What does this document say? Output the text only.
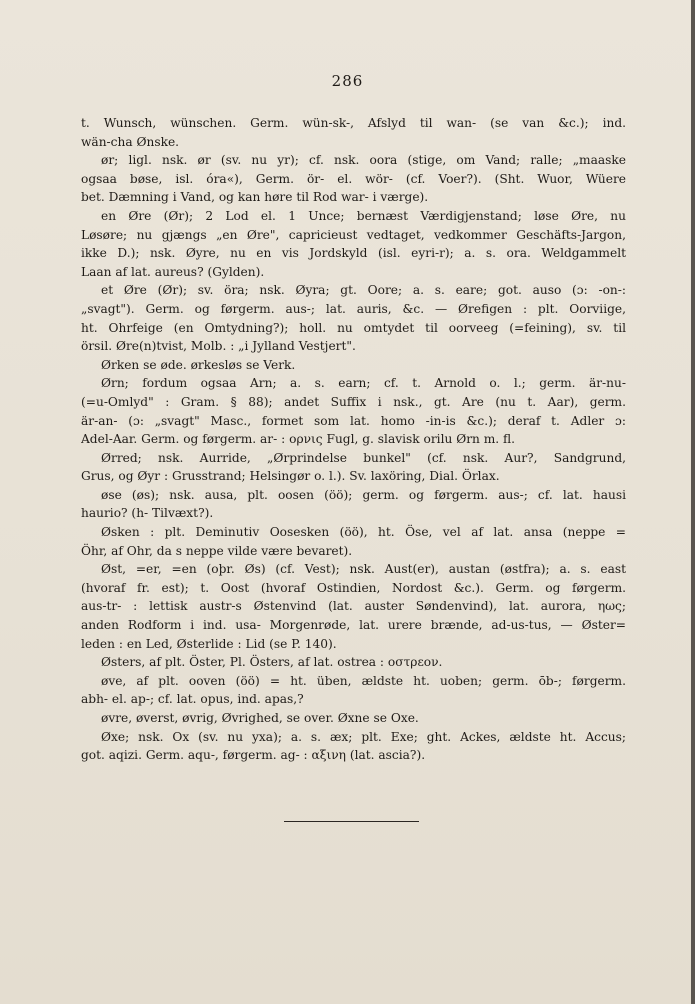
286
t. Wunsch, wünschen. Germ. wün-sk-, Afslyd til wan- (se van &c.); ind.
wän-cha Ønske.
ør; ligl. nsk. ør (sv. nu yr); cf. nsk. oora (stige, om Vand; ralle; „maaske
ogsaa bøse, isl. óra«), Germ. ör- el. wör- (cf. Voer?). (Sht. Wuor, Wüere
bet. Dæmning i Vand, og kan høre til Rod war- i værge).
en Øre (Ør); 2 Lod el. 1 Unce; bernæst Værdigjenstand; løse Øre, nu
Løsøre; nu gjængs „en Øre", capricieust vedtaget, vedkommer Geschäfts-Jargon,
ikke D.); nsk. Øyre, nu en vis Jordskyld (isl. eyri-r); a. s. ora. Weldgammelt
Laan af lat. aureus? (Gylden).
et Øre (Ør); sv. öra; nsk. Øyra; gt. Oore; a. s. eare; got. auso (ɔ: -on-:
„svagt"). Germ. og førgerm. aus-; lat. auris, &c. — Ørefigen : plt. Oorviige,
ht. Ohrfeige (en Omtydning?); holl. nu omtydet til oorveeg (=feining), sv. til
örsil. Øre(n)tvist, Molb. : „i Jylland Vestjert".
Ørken se øde. ørkesløs se Verk.
Ørn; fordum ogsaa Arn; a. s. earn; cf. t. Arnold o. l.; germ. är-nu-
(=u-Omlyd" : Gram. § 88); andet Suffix i nsk., gt. Are (nu t. Aar), germ.
är-an- (ɔ: „svagt" Masc., formet som lat. homo -in-is &c.); deraf t. Adler ɔ:
Adel-Aar. Germ. og førgerm. ar- : ορνις Fugl, g. slavisk orilu Ørn m. fl.
Ørred; nsk. Aurride, „Ørprindelse bunkel" (cf. nsk. Aur?, Sandgrund,
Grus, og Øyr : Grusstrand; Helsingør o. l.). Sv. laxöring, Dial. Örlax.
øse (øs); nsk. ausa, plt. oosen (öö); germ. og førgerm. aus-; cf. lat. hausi
haurio? (h- Tilvæxt?).
Øsken : plt. Deminutiv Oosesken (öö), ht. Öse, vel af lat. ansa (neppe =
Öhr, af Ohr, da s neppe vilde være bevaret).
Øst, =er, =en (oþr. Øs) (cf. Vest); nsk. Aust(er), austan (østfra); a. s. east
(hvoraf fr. est); t. Oost (hvoraf Ostindien, Nordost &c.). Germ. og førgerm.
aus-tr- : lettisk austr-s Østenvind (lat. auster Søndenvind), lat. aurora, ηως;
anden Rodform i ind. usa- Morgenrøde, lat. urere brænde, ad-us-tus, — Øster=
leden : en Led, Østerlide : Lid (se P. 140).
Østers, af plt. Öster, Pl. Östers, af lat. ostrea : οστρεον.
øve, af plt. ooven (öö) = ht. üben, ældste ht. uoben; germ. ōb-; førgerm.
abh- el. ap-; cf. lat. opus, ind. apas,?
øvre, øverst, øvrig, Øvrighed, se over. Øxne se Oxe.
Øxe; nsk. Ox (sv. nu yxa); a. s. æx; plt. Exe; ght. Ackes, ældste ht. Accus;
got. aqizi. Germ. aqu-, førgerm. ag- : αξινη (lat. ascia?).
